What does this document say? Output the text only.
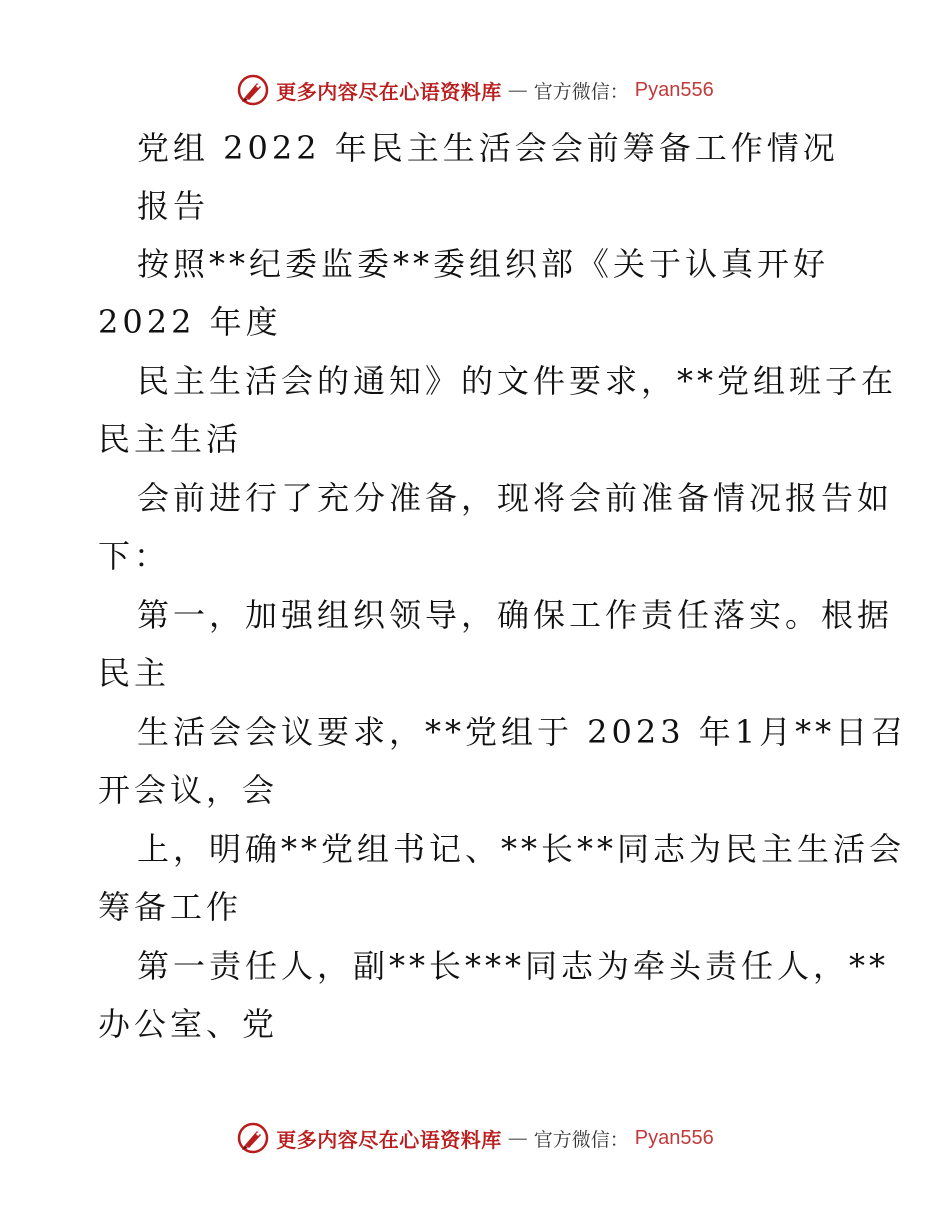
更多内容尽在心语资料库 — 官方微信： Pyan556
党组 2022 年民主生活会会前筹备工作情况
报告
按照**纪委监委**委组织部《关于认真开好
2022 年度
民主生活会的通知》的文件要求，**党组班子在
民主生活
会前进行了充分准备，现将会前准备情况报告如
下：
第一，加强组织领导，确保工作责任落实。根据
民主
生活会会议要求，**党组于 2023 年1月**日召
开会议，会
上，明确**党组书记、**长**同志为民主生活会
筹备工作
第一责任人，副**长***同志为牵头责任人，**
办公室、党
更多内容尽在心语资料库 — 官方微信： Pyan556
